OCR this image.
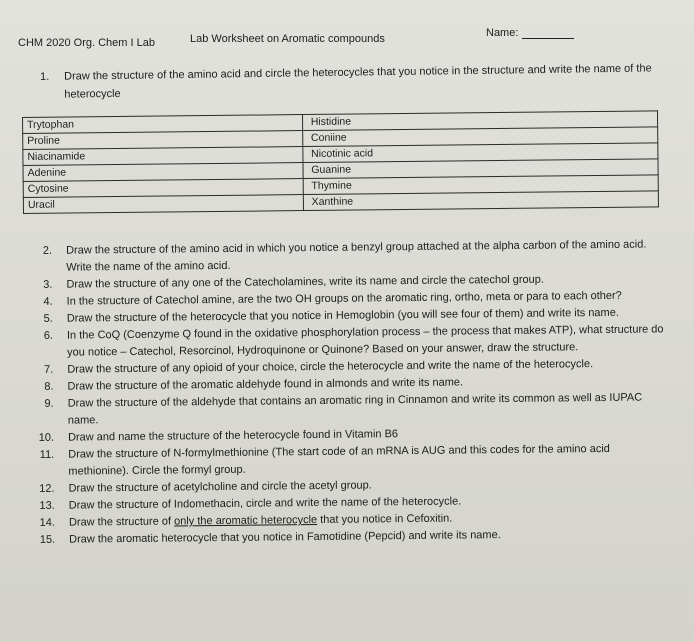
CHM 2020 Org. Chem I Lab	Lab Worksheet on Aromatic compounds	Name:
1. Draw the structure of the amino acid and circle the heterocycles that you notice in the structure and write the name of the heterocycle
Trytophan	Histidine
Proline	Coniine
Niacinamide	Nicotinic acid
Adenine	Guanine
Cytosine	Thymine
Uracil	Xanthine
2. Draw the structure of the amino acid in which you notice a benzyl group attached at the alpha carbon of the amino acid. Write the name of the amino acid.
3. Draw the structure of any one of the Catecholamines, write its name and circle the catechol group.
4. In the structure of Catechol amine, are the two OH groups on the aromatic ring, ortho, meta or para to each other?
5. Draw the structure of the heterocycle that you notice in Hemoglobin (you will see four of them) and write its name.
6. In the CoQ (Coenzyme Q found in the oxidative phosphorylation process – the process that makes ATP), what structure do you notice – Catechol, Resorcinol, Hydroquinone or Quinone? Based on your answer, draw the structure.
7. Draw the structure of any opioid of your choice, circle the heterocycle and write the name of the heterocycle.
8. Draw the structure of the aromatic aldehyde found in almonds and write its name.
9. Draw the structure of the aldehyde that contains an aromatic ring in Cinnamon and write its common as well as IUPAC name.
10. Draw and name the structure of the heterocycle found in Vitamin B6
11. Draw the structure of N-formylmethionine (The start code of an mRNA is AUG and this codes for the amino acid methionine). Circle the formyl group.
12. Draw the structure of acetylcholine and circle the acetyl group.
13. Draw the structure of Indomethacin, circle and write the name of the heterocycle.
14. Draw the structure of only the aromatic heterocycle that you notice in Cefoxitin.
15. Draw the aromatic heterocycle that you notice in Famotidine (Pepcid) and write its name.
